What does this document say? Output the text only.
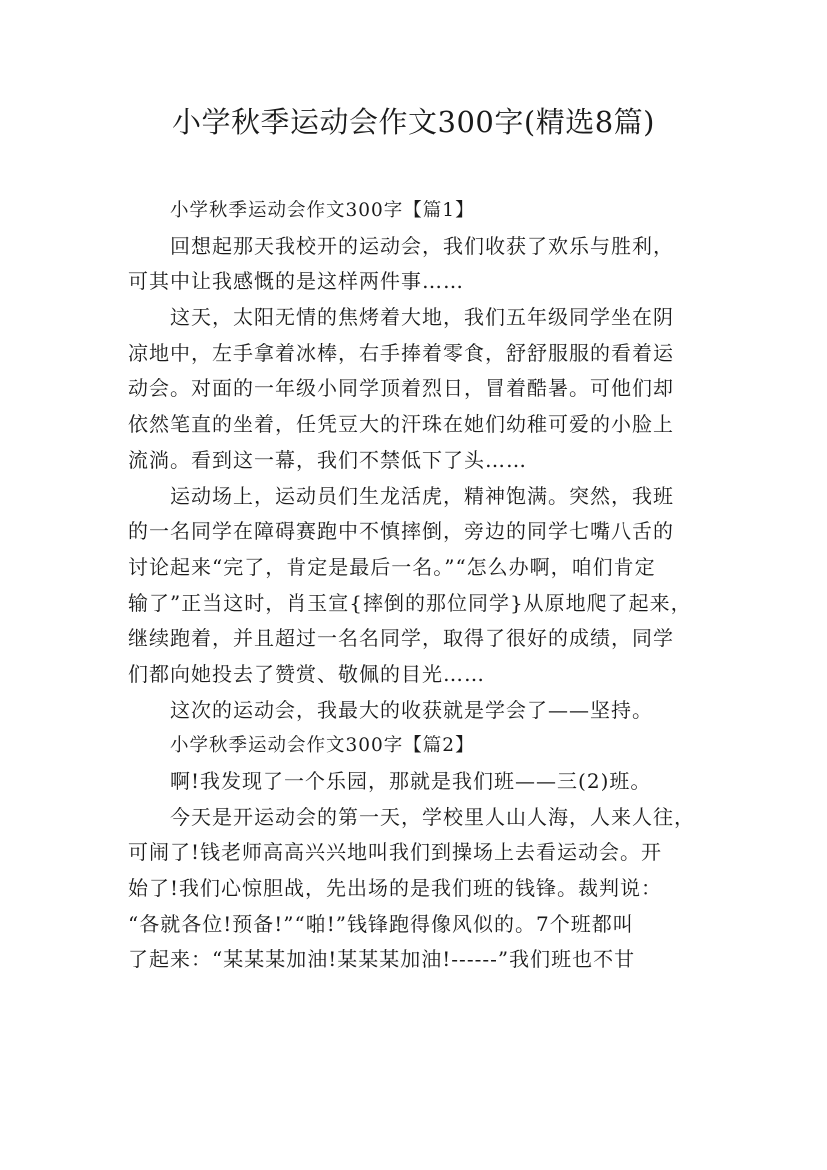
小学秋季运动会作文300字(精选8篇)
小学秋季运动会作文300字【篇1】
回想起那天我校开的运动会，我们收获了欢乐与胜利，
可其中让我感慨的是这样两件事……
这天，太阳无情的焦烤着大地，我们五年级同学坐在阴
凉地中，左手拿着冰棒，右手捧着零食，舒舒服服的看着运
动会。对面的一年级小同学顶着烈日，冒着酷暑。可他们却
依然笔直的坐着，任凭豆大的汗珠在她们幼稚可爱的小脸上
流淌。看到这一幕，我们不禁低下了头……
运动场上，运动员们生龙活虎，精神饱满。突然，我班
的一名同学在障碍赛跑中不慎摔倒，旁边的同学七嘴八舌的
讨论起来“完了，肯定是最后一名。”“怎么办啊，咱们肯定
输了”正当这时，肖玉宣{摔倒的那位同学}从原地爬了起来，
继续跑着，并且超过一名名同学，取得了很好的成绩，同学
们都向她投去了赞赏、敬佩的目光……
这次的运动会，我最大的收获就是学会了——坚持。
小学秋季运动会作文300字【篇2】
啊!我发现了一个乐园，那就是我们班——三(2)班。
今天是开运动会的第一天，学校里人山人海，人来人往，
可闹了!钱老师高高兴兴地叫我们到操场上去看运动会。开
始了!我们心惊胆战，先出场的是我们班的钱锋。裁判说：
“各就各位!预备!”“啪!”钱锋跑得像风似的。7个班都叫
了起来：“某某某加油!某某某加油!------”我们班也不甘
